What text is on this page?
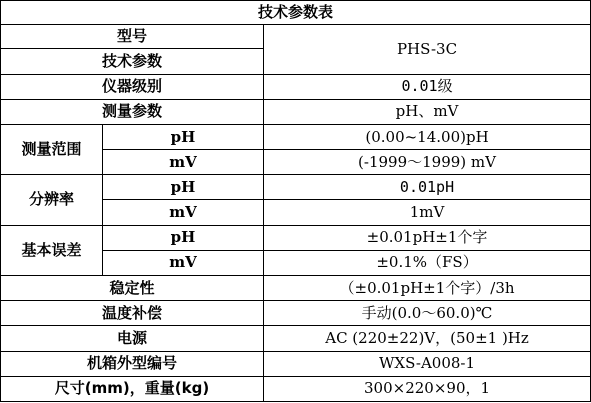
技术参数表		
型号		PHS-3C
技术参数		
仪器级别		0.01级
测量参数		pH、mV
测量范围	pH	(0.00~14.00)pH
	mV	(-1999～1999) mV
分辨率	pH	0.01pH
	mV	1mV
基本误差	pH	±0.01pH±1个字
	mV	±0.1%（FS）
稳定性		（±0.01pH±1个字）/3h
温度补偿		手动(0.0～60.0)℃
电源		AC (220±22)V，(50±1 )Hz
机箱外型编号		WXS-A008-1
尺寸(mm)，重量(kg)		300×220×90，1
